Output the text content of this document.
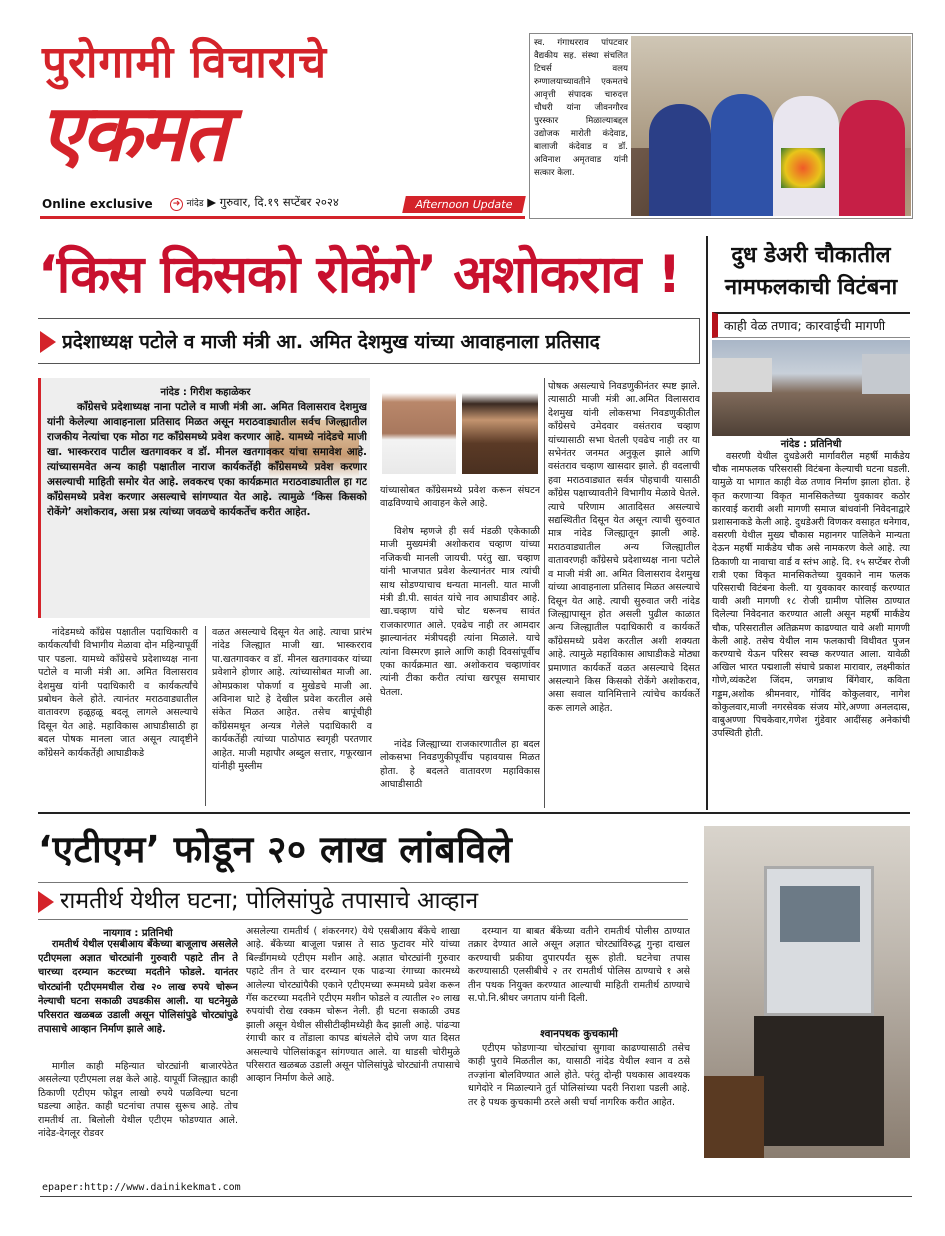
पुरोगामी विचाराचे
एकमत
Online exclusive	➜ नांदेड ▶ गुरुवार, दि.१९ सप्टेंबर २०२४	Afternoon Update
स्व. गंगाधरराव पांपटवार वैद्यकीय सह. संस्था संचलित टिचर्स वलय रुग्णालयाच्यावतीने एकमतचे आवृत्ती संपादक चारुदत्त चौधरी यांना जीवनगौरव पुरस्कार मिळाल्याबद्दल उद्योजक मारोती कंदेवाड, बालाजी कंदेवाड व डॉ. अविनाश अमृतवाड यांनी सत्कार केला.
‘किस किसको रोकेंगे’ अशोकराव !
प्रदेशाध्यक्ष पटोले व माजी मंत्री आ. अमित देशमुख यांच्या आवाहनाला प्रतिसाद
नांदेड : गिरीश कहाळेकर
काँग्रेसचे प्रदेशाध्यक्ष नाना पटोले व माजी मंत्री आ. अमित विलासराव देशमुख यांनी केलेल्या आवाहनाला प्रतिसाद मिळत असून मराठवाड्यातील सर्वच जिल्ह्यातील राजकीय नेत्यांचा एक मोठा गट काँग्रेसमध्ये प्रवेश करणार आहे. यामध्ये नांदेडचे माजी खा. भास्करराव पाटील खतगावकर व डॉ. मीनल खतगावकर यांचा समावेश आहे. त्यांच्यासमवेत अन्य काही पक्षातील नाराज कार्यकर्तेही काँग्रेसमध्ये प्रवेश करणार असल्याची माहिती समोर येत आहे. लवकरच एका कार्यक्रमात मराठवाड्यातील हा गट काँग्रेसमध्ये प्रवेश करणार असल्याचे सांगण्यात येत आहे. त्यामुळे ‘किस किसको रोकेंगे’ अशोकराव, असा प्रश्न त्यांच्या जवळचे कार्यकर्तेच करीत आहेत.
यांच्यासोबत काँग्रेसमध्ये प्रवेश करून संघटन वाढविण्याचे आवाहन केले आहे.

नांदेडमध्ये काँग्रेस पक्षातील पदाधिकारी व कार्यकर्त्यांची विभागीय मेळावा दोन महिन्यापूर्वी पार पडला. यामध्ये काँग्रेसचे प्रदेशाध्यक्ष नाना पटोले व माजी मंत्री आ. अमित विलासराव देशमुख यांनी पदाधिकारी व कार्यकर्त्यांचे प्रबोधन केले होते. त्यानंतर मराठवाड्यातील वातावरण हळूहळू बदलू लागले असल्याचे दिसून येत आहे. महाविकास आघाडीसाठी हा बदल पोषक मानला जात असून त्यादृष्टीने काँग्रेसने कार्यकर्तेही आघाडीकडे

वळत असल्याचे दिसून येत आहे. त्याचा प्रारंभ नांदेड जिल्ह्यात माजी खा. भास्करराव पा.खतगावकर व डॉ. मीनल खतगावकर यांच्या प्रवेशाने होणार आहे. त्यांच्यासोबत माजी आ. ओमप्रकाश पोकर्णा व मुखेडचे माजी आ. अविनाश घाटे हे देखील प्रवेश करतील असे संकेत मिळत आहेत. तसेच बापूंचीही काँग्रेसमधून अन्यत्र गेलेले पदाधिकारी व कार्यकर्तेही त्यांच्या पाठोपाठ स्वगृही परतणार आहेत. माजी महापौर अब्दुल सत्तार, गफूरखान यांनीही मुस्लीम

विशेष म्हणजे ही सर्व मंडळी एकेकाळी माजी मुख्यमंत्री अशोकराव चव्हाण यांच्या नजिकची मानली जायची. परंतु खा. चव्हाण यांनी भाजपात प्रवेश केल्यानंतर मात्र त्यांची साथ सोडण्याचाच धन्यता मानली. यात माजी मंत्री डी.पी. सावंत यांचे नाव आघाडीवर आहे. खा.चव्हाण यांचे चोट धरूनच सावंत राजकारणात आले. एवढेच नाही तर आमदार झाल्यानंतर मंत्रीपदही त्यांना मिळाले. याचे त्यांना विस्मरण झाले आणि काही दिवसांपूर्वीच एका कार्यक्रमात खा. अशोकराव चव्हाणांवर त्यांनी टीका करीत त्यांचा खरपूस समाचार घेतला.

नांदेड जिल्ह्याच्या राजकारणातील हा बदल लोकसभा निवडणुकीपूर्वीच पहावयास मिळत होता. हे बदलते वातावरण महाविकास आघाडीसाठी

पोषक असल्याचे निवडणुकीनंतर स्पष्ट झाले. त्यासाठी माजी मंत्री आ.अमित विलासराव देशमुख यांनी लोकसभा निवडणुकीतील काँग्रेसचे उमेदवार वसंतराव चव्हाण यांच्यासाठी सभा घेतली एवढेच नाही तर या सभेनंतर जनमत अनुकूल झाले आणि वसंतराव चव्हाण खासदार झाले. ही वदलाची हवा मराठवाड्यात सर्वत्र पोहचावी यासाठी काँग्रेस पक्षाच्यावतीने विभागीय मेळावे घेतले. त्याचे परिणाम आतादिसत असल्याचे सद्यस्थितीत दिसून येत असून त्याची सुरुवात मात्र नांदेड जिल्ह्यातून झाली आहे. मराठवाड्यातील अन्य जिल्ह्यातील वातावरणही काँग्रेसचे प्रदेशाध्यक्ष नाना पटोले व माजी मंत्री आ. अमित विलासराव देशमुख यांच्या आवाहनाला प्रतिसाद मिळत असल्याचे दिसून येत आहे. त्याची सुरुवात जरी नांदेड जिल्ह्यापासून होत असली पुढील काळात अन्य जिल्ह्यातील पदाधिकारी व कार्यकर्ते काँग्रेसमध्ये प्रवेश करतील अशी शक्यता आहे. त्यामुळे महाविकास आघाडीकडे मोठ्या प्रमाणात कार्यकर्ते वळत असल्याचे दिसत असल्याने किस किसको रोकेंगे अशोकराव, असा सवाल यानिमित्ताने त्यांचेच कार्यकर्ते करू लागले आहेत.
दुध डेअरी चौकातील नामफलकाची विटंबना
काही वेळ तणाव; कारवाईची मागणी
नांदेड : प्रतिनिधी

वसरणी येथील दुधडेअरी मार्गावरील महर्षी मार्कंडेय चौक नामफलक परिसरासी विटंबना केल्याची घटना घडली. यामुळे या भागात काही वेळ तणाव निर्माण झाला होता. हे कृत करणाऱ्या विकृत मानसिकतेच्या युवकावर कठोर कारवाई करावी अशी मागणी समाज बांधवांनी निवेदनाद्वारे प्रशासनाकडे केली आहे. दुधडेअरी विणकर वसाहत धनेगाव, वसरणी येथील मुख्य चौकास महानगर पालिकेने मान्यता देऊन महर्षी मार्कंडेय चौक असे नामकरण केले आहे. त्या ठिकाणी या नावाचा वार्ड व स्तंभ आहे. दि. १५ सप्टेंबर रोजी रात्री एका विकृत मानसिकतेच्या युवकाने नाम फलक परिसराची विटंबना केली. या युवकावर कारवाई करण्यात यावी अशी मागणी १८ रोजी ग्रामीण पोलिस ठाण्यात दिलेल्या निवेदनात करण्यात आली असून महर्षी मार्कंडेय चौक, परिसरातील अतिक्रमण काढण्यात यावे अशी मागणी केली आहे. तसेच येथील नाम फलकाची विधीवत पुजन करण्याचे येऊन परिसर स्वच्छ करण्यात आला. यावेळी अखिल भारत पद्मशाली संघाचे प्रकाश मारावार, लक्ष्मीकांत गोणे,व्यंकटेश जिंदम, जगन्नाथ बिंगेवार, कविता गड्डम,अशोक श्रीमनवार, गोविंद कोकुलवार, नागेश कोकुलवार,माजी नगरसेवक संजय मोरे,अण्णा अनलदास, वाबुअण्णा पिचकेवार,गणेश गुंडेवार आदींसह अनेकांची उपस्थिती होती.

‘एटीएम’ फोडून २० लाख लांबविले
रामतीर्थ येथील घटना; पोलिसांपुढे तपासाचे आव्हान
नायगाव : प्रतिनिधी

रामतीर्थ येथील एसबीआय बँकेच्या बाजूलाच असलेले एटीएमला अज्ञात चोरट्यांनी गुरुवारी पहाटे तीन ते चारच्या दरम्यान कटरच्या मदतीने फोडले. यानंतर चोरट्यांनी एटीएममधील रोख २० लाख रुपये चोरून नेल्याची घटना सकाळी उघडकीस आली. या घटनेमुळे परिसरात खळबळ उडाली असून पोलिसांपुढे चोरट्यांपुढे तपासाचे आव्हान निर्माण झाले आहे.

मागील काही महिन्यात चोरट्यांनी बाजारपेठेत असलेल्या एटीएमला लक्ष केले आहे. यापूर्वी जिल्ह्यात काही ठिकाणी एटीएम फोडून लाखो रुपये पळविल्या घटना घडल्या आहेत. काही घटनांचा तपास सुरूच आहे. तोच रामतीर्थ ता. बिलोली येथील एटीएम फोडण्यात आले. नांदेड-देगलूर रोडवर

असलेल्या रामतीर्थ ( शंकरनगर) येथे एसबीआय बँकेचे शाखा आहे. बँकेच्या बाजूला पन्नास ते साठ फुटावर मोरे यांच्या बिल्डींगमध्ये एटीएम मशीन आहे. अज्ञात चोरट्यांनी गुरुवार पहाटे तीन ते चार दरम्यान एक पाढऱ्या रंगाच्या कारमध्ये आलेल्या चोरट्यांपैकी एकाने एटीएमच्या रूममध्ये प्रवेश करून गॅस कटरच्या मदतीने एटीएम मशीन फोडले व त्यातील २० लाख रुपयांची रोख रक्कम चोरून नेली. ही घटना सकाळी उघड झाली असून येथील सीसीटीव्हीमध्येही कैद झाली आहे. पांढऱ्या रंगाची कार व तोंडाला कापड बांधलेले दोघे जण यात दिसत असल्याचे पोलिसांकडून सांगण्यात आले. या धाडसी चोरीमुळे परिसरात खळबळ उडाली असून पोलिसांपुढे चोरट्यांनी तपासाचे आव्हान निर्माण केले आहे.

दरम्यान या बाबत बँकेच्या वतीने रामतीर्थ पोलीस ठाण्यात तक्रार देण्यात आले असून अज्ञात चोरट्यांविरुद्ध गुन्हा दाखल करण्याची प्रकीया दुपारपर्यंत सुरू होती. घटनेचा तपास करण्यासाठी एलसीबीचे २ तर रामतीर्थ पोलिस ठाण्याचे १ असे तीन पथक नियुक्त करण्यात आल्याची माहिती रामतीर्थ ठाण्याचे स.पो.नि.श्रीधर जगताप यांनी दिली.

श्वानपथक कुचकामी

एटीएम फोडणाऱ्या चोरट्यांचा सुगावा काढण्यासाठी तसेच काही पुरावे मिळतील का, यासाठी नांदेड येथील श्वान व ठसे तज्ज्ञांना बोलविण्यात आले होते. परंतु दोन्ही पथकास आवश्यक धागेदोरे न मिळाल्याने तुर्त पोलिसांच्या पदरी निराशा पडली आहे. तर हे पथक कुचकामी ठरले असी चर्चा नागरिक करीत आहेत.

epaper:http://www.dainikekmat.com
